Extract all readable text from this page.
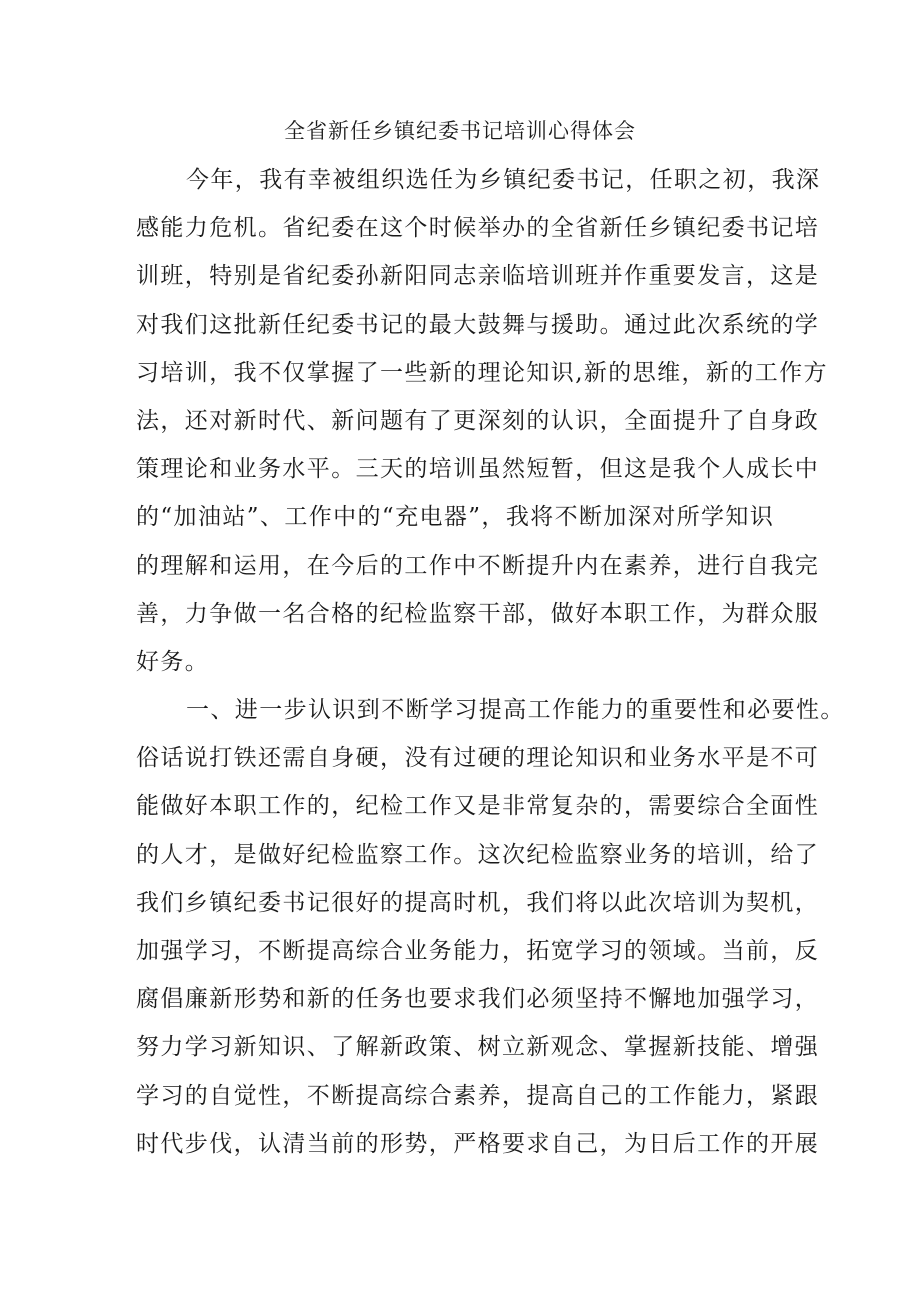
全省新任乡镇纪委书记培训心得体会
今年，我有幸被组织选任为乡镇纪委书记，任职之初，我深
感能力危机。省纪委在这个时候举办的全省新任乡镇纪委书记培
训班，特别是省纪委孙新阳同志亲临培训班并作重要发言，这是
对我们这批新任纪委书记的最大鼓舞与援助。通过此次系统的学
习培训，我不仅掌握了一些新的理论知识,新的思维，新的工作方
法，还对新时代、新问题有了更深刻的认识，全面提升了自身政
策理论和业务水平。三天的培训虽然短暂，但这是我个人成长中
的“加油站”、工作中的“充电器”，我将不断加深对所学知识
的理解和运用，在今后的工作中不断提升内在素养，进行自我完
善，力争做一名合格的纪检监察干部，做好本职工作，为群众服
好务。
一、进一步认识到不断学习提高工作能力的重要性和必要性。
俗话说打铁还需自身硬，没有过硬的理论知识和业务水平是不可
能做好本职工作的，纪检工作又是非常复杂的，需要综合全面性
的人才，是做好纪检监察工作。这次纪检监察业务的培训，给了
我们乡镇纪委书记很好的提高时机，我们将以此次培训为契机，
加强学习，不断提高综合业务能力，拓宽学习的领域。当前，反
腐倡廉新形势和新的任务也要求我们必须坚持不懈地加强学习，
努力学习新知识、了解新政策、树立新观念、掌握新技能、增强
学习的自觉性，不断提高综合素养，提高自己的工作能力，紧跟
时代步伐，认清当前的形势，严格要求自己，为日后工作的开展
